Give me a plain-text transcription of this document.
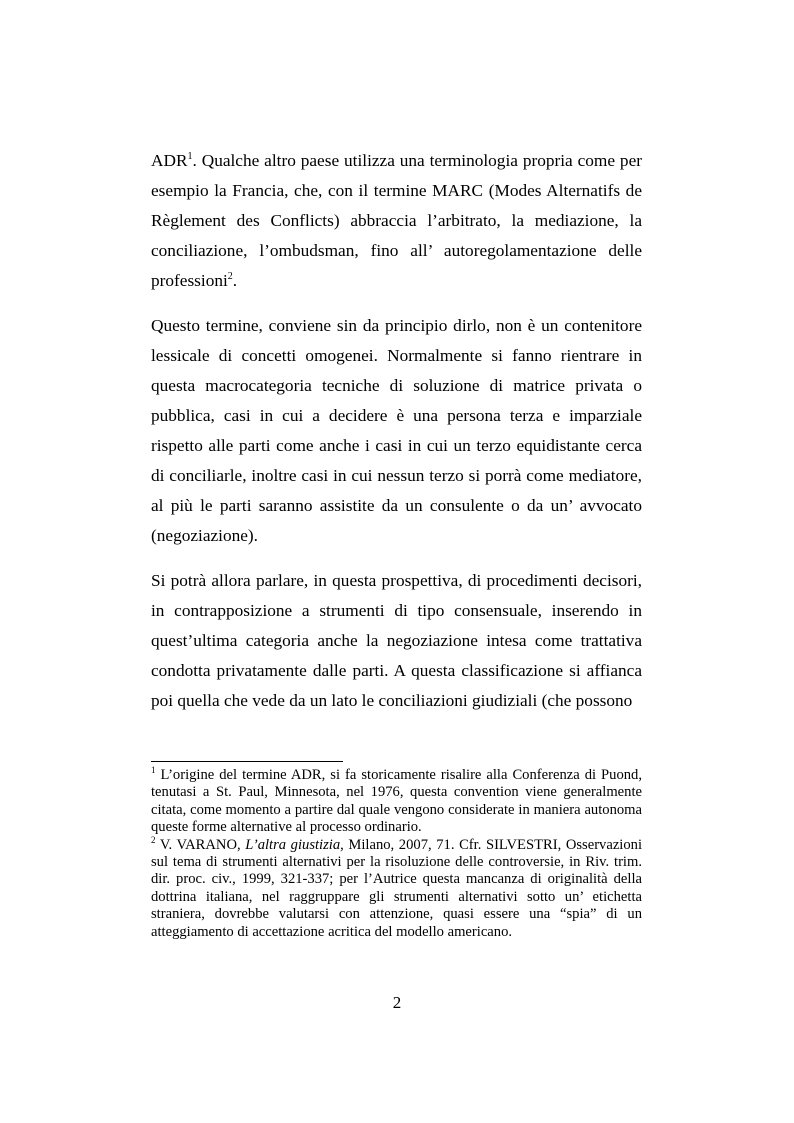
ADR$^1$. Qualche altro paese utilizza una terminologia propria come per esempio la Francia, che, con il termine MARC (Modes Alternatifs de Règlement des Conflicts) abbraccia l’arbitrato, la mediazione, la conciliazione, l’ombudsman, fino all’ autoregolamentazione delle professioni$^2$.

Questo termine, conviene sin da principio dirlo, non è un contenitore lessicale di concetti omogenei. Normalmente si fanno rientrare in questa macrocategoria tecniche di soluzione di matrice privata o pubblica, casi in cui a decidere è una persona terza e imparziale rispetto alle parti come anche i casi in cui un terzo equidistante cerca di conciliarle, inoltre casi in cui nessun terzo si porrà come mediatore, al più le parti saranno assistite da un consulente o da un’ avvocato (negoziazione).

Si potrà allora parlare, in questa prospettiva, di procedimenti decisori, in contrapposizione a strumenti di tipo consensuale, inserendo in quest’ultima categoria anche la negoziazione intesa come trattativa condotta privatamente dalle parti. A questa classificazione si affianca poi quella che vede da un lato le conciliazioni giudiziali (che possono

$^1$ L’origine del termine ADR, si fa storicamente risalire alla Conferenza di Puond, tenutasi a St. Paul, Minnesota, nel 1976, questa convention viene generalmente citata, come momento a partire dal quale vengono considerate in maniera autonoma queste forme alternative al processo ordinario.

$^2$ V. VARANO, L’altra giustizia, Milano, 2007, 71. Cfr. SILVESTRI, Osservazioni sul tema di strumenti alternativi per la risoluzione delle controversie, in Riv. trim. dir. proc. civ., 1999, 321-337; per l’Autrice questa mancanza di originalità della dottrina italiana, nel raggruppare gli strumenti alternativi sotto un’ etichetta straniera, dovrebbe valutarsi con attenzione, quasi essere una “spia” di un atteggiamento di accettazione acritica del modello americano.

2
